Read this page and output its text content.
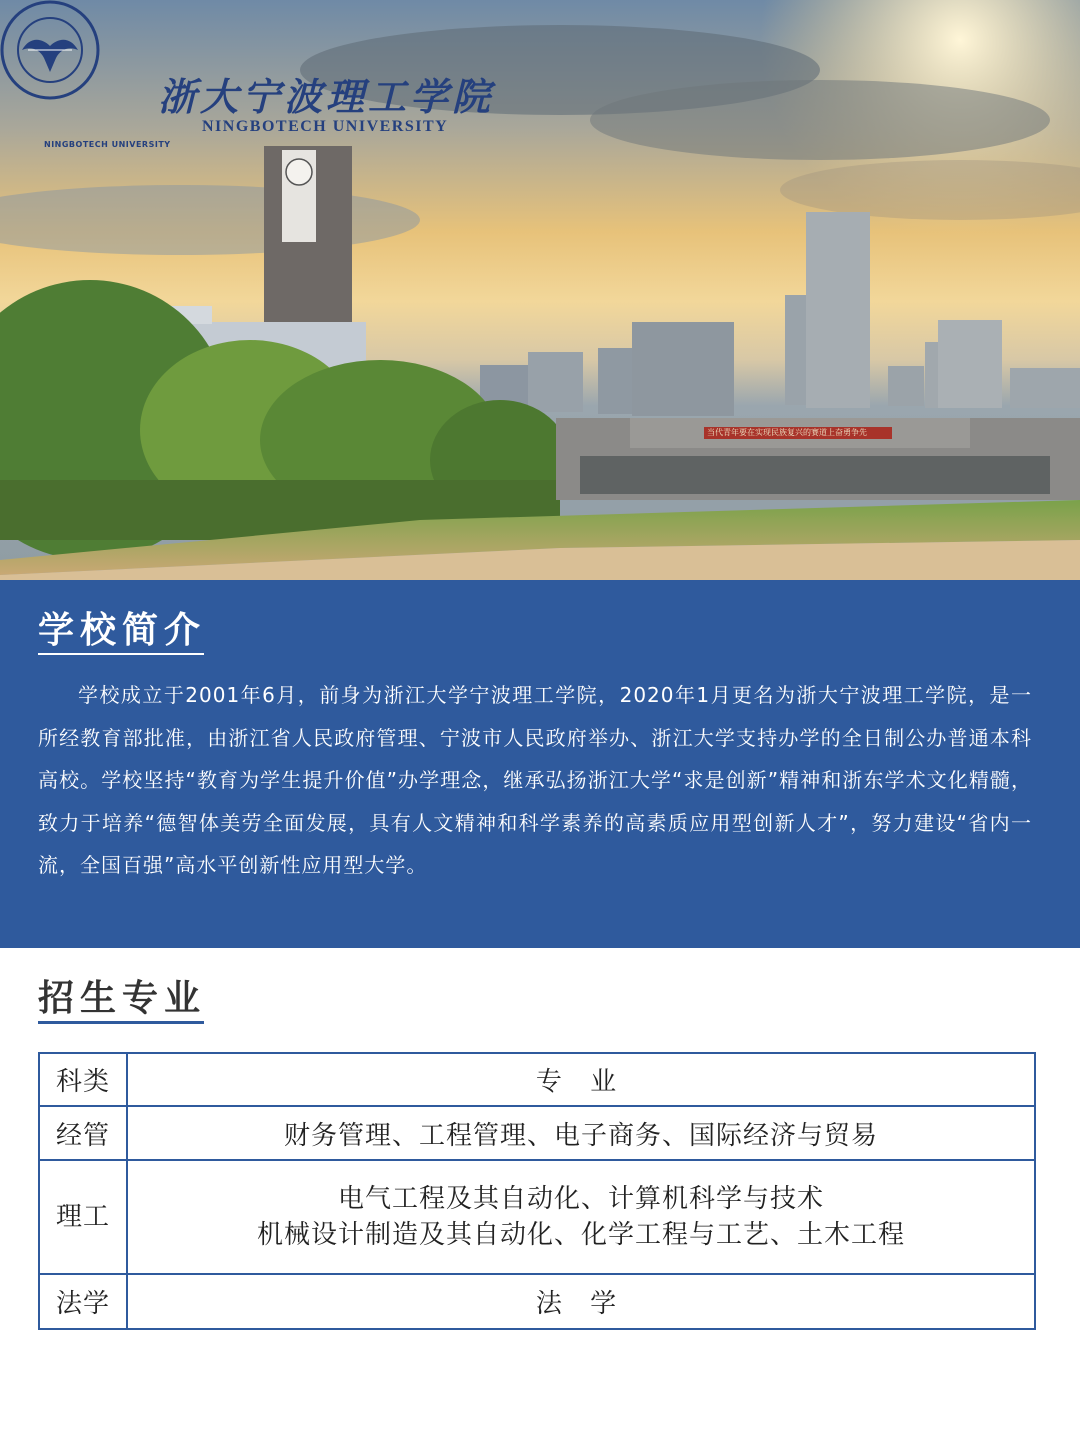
当代青年要在实现民族复兴的赛道上奋勇争先
NINGBOTECH UNIVERSITY
浙大宁波理工学院
NINGBOTECH UNIVERSITY
学校简介

学校成立于2001年6月，前身为浙江大学宁波理工学院，2020年1月更名为浙大宁波理工学院，是一所经教育部批准，由浙江省人民政府管理、宁波市人民政府举办、浙江大学支持办学的全日制公办普通本科高校。学校坚持“教育为学生提升价值”办学理念，继承弘扬浙江大学“求是创新”精神和浙东学术文化精髓，致力于培养“德智体美劳全面发展，具有人文精神和科学素养的高素质应用型创新人才”，努力建设“省内一流，全国百强”高水平创新性应用型大学。

招生专业
科类	专 业
经管	财务管理、工程管理、电子商务、国际经济与贸易
理工	电气工程及其自动化、计算机科学与技术
机械设计制造及其自动化、化学工程与工艺、土木工程

法学	法 学
